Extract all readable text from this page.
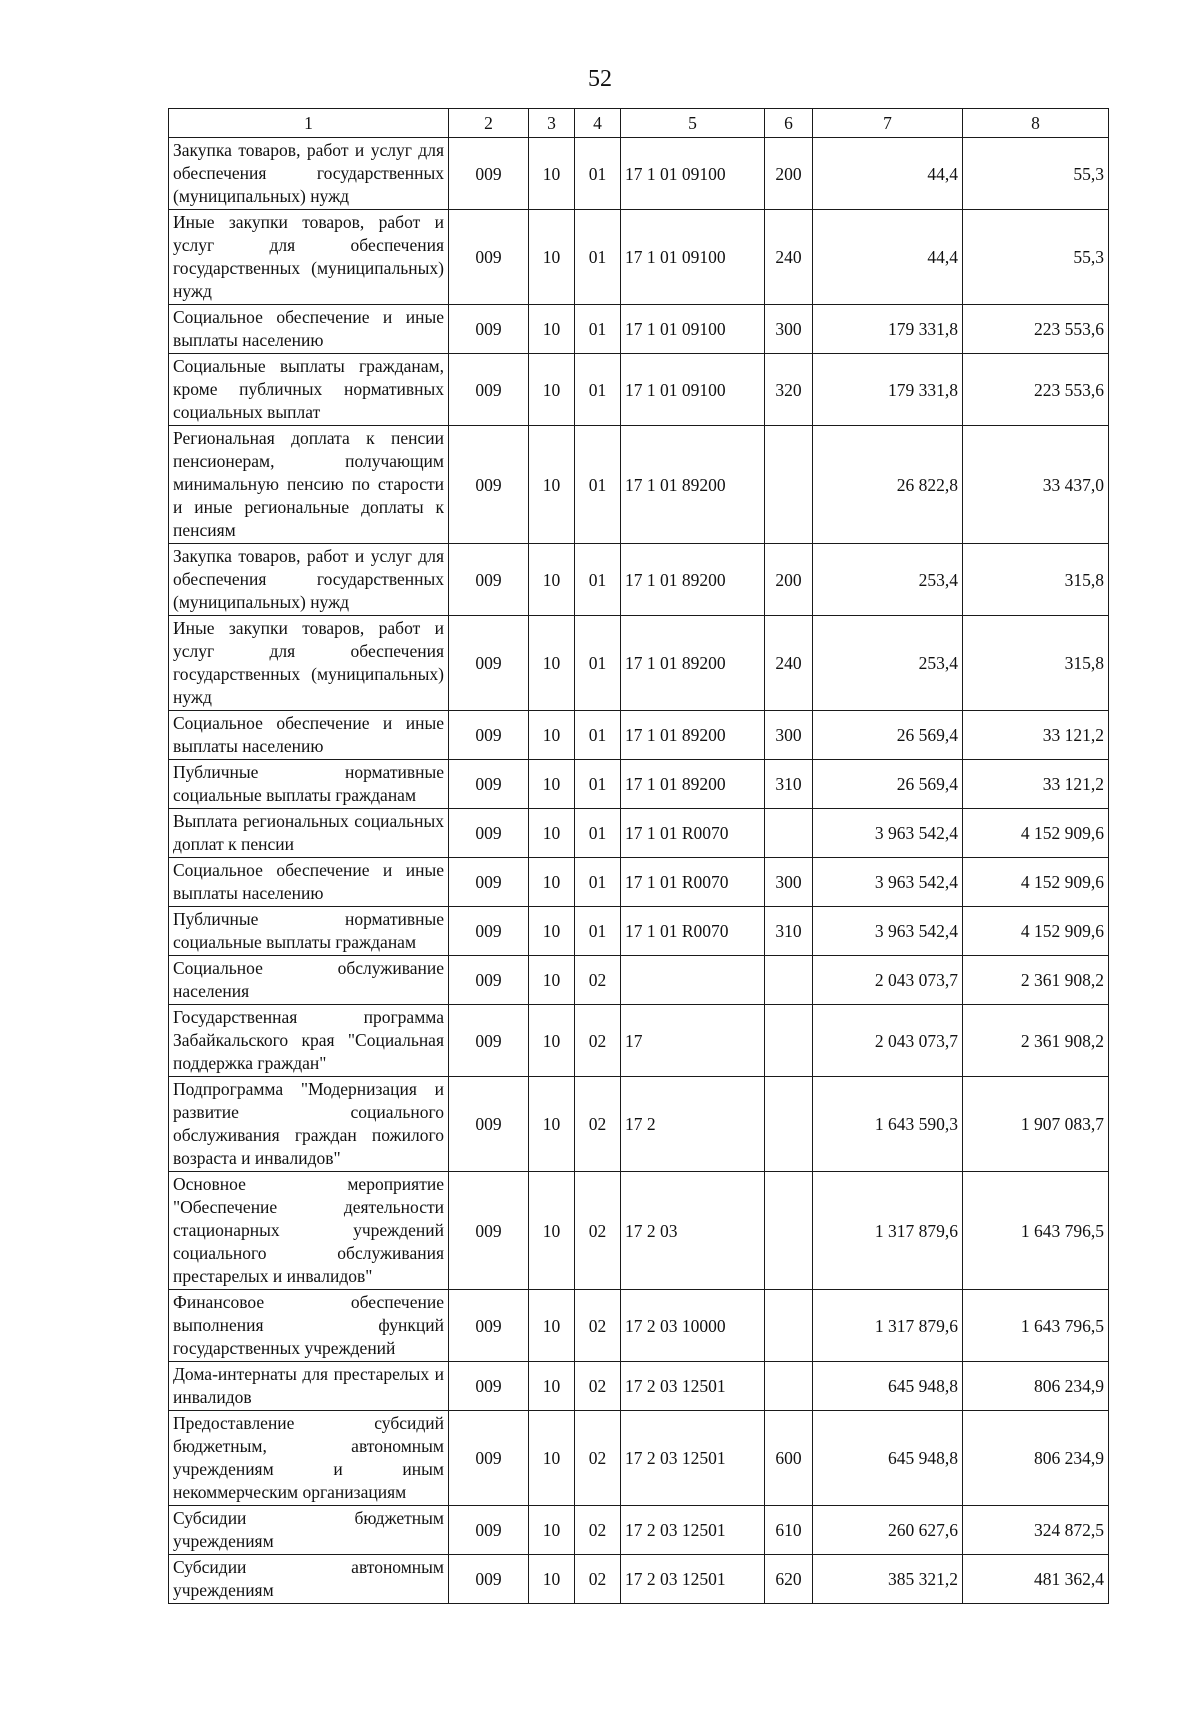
52
1	2	3	4	5	6	7	8
Закупка товаров, работ и услуг для обеспечения государственных (муниципальных) нужд	009	10	01	17 1 01 09100	200	44,4	55,3
Иные закупки товаров, работ и услуг для обеспечения государственных (муниципальных) нужд	009	10	01	17 1 01 09100	240	44,4	55,3
Социальное обеспечение и иные выплаты населению	009	10	01	17 1 01 09100	300	179 331,8	223 553,6
Социальные выплаты гражданам, кроме публичных нормативных социальных выплат	009	10	01	17 1 01 09100	320	179 331,8	223 553,6
Региональная доплата к пенсии пенсионерам, получающим минимальную пенсию по старости и иные региональные доплаты к пенсиям	009	10	01	17 1 01 89200		26 822,8	33 437,0
Закупка товаров, работ и услуг для обеспечения государственных (муниципальных) нужд	009	10	01	17 1 01 89200	200	253,4	315,8
Иные закупки товаров, работ и услуг для обеспечения государственных (муниципальных) нужд	009	10	01	17 1 01 89200	240	253,4	315,8
Социальное обеспечение и иные выплаты населению	009	10	01	17 1 01 89200	300	26 569,4	33 121,2
Публичные нормативные социальные выплаты гражданам	009	10	01	17 1 01 89200	310	26 569,4	33 121,2
Выплата региональных социальных доплат к пенсии	009	10	01	17 1 01 R0070		3 963 542,4	4 152 909,6
Социальное обеспечение и иные выплаты населению	009	10	01	17 1 01 R0070	300	3 963 542,4	4 152 909,6
Публичные нормативные социальные выплаты гражданам	009	10	01	17 1 01 R0070	310	3 963 542,4	4 152 909,6
Социальное обслуживание населения	009	10	02			2 043 073,7	2 361 908,2
Государственная программа Забайкальского края "Социальная поддержка граждан"	009	10	02	17		2 043 073,7	2 361 908,2
Подпрограмма "Модернизация и развитие социального обслуживания граждан пожилого возраста и инвалидов"	009	10	02	17 2		1 643 590,3	1 907 083,7
Основное мероприятие "Обеспечение деятельности стационарных учреждений социального обслуживания престарелых и инвалидов"	009	10	02	17 2 03		1 317 879,6	1 643 796,5
Финансовое обеспечение выполнения функций государственных учреждений	009	10	02	17 2 03 10000		1 317 879,6	1 643 796,5
Дома-интернаты для престарелых и инвалидов	009	10	02	17 2 03 12501		645 948,8	806 234,9
Предоставление субсидий бюджетным, автономным учреждениям и иным некоммерческим организациям	009	10	02	17 2 03 12501	600	645 948,8	806 234,9
Субсидии бюджетным учреждениям	009	10	02	17 2 03 12501	610	260 627,6	324 872,5
Субсидии автономным учреждениям	009	10	02	17 2 03 12501	620	385 321,2	481 362,4
